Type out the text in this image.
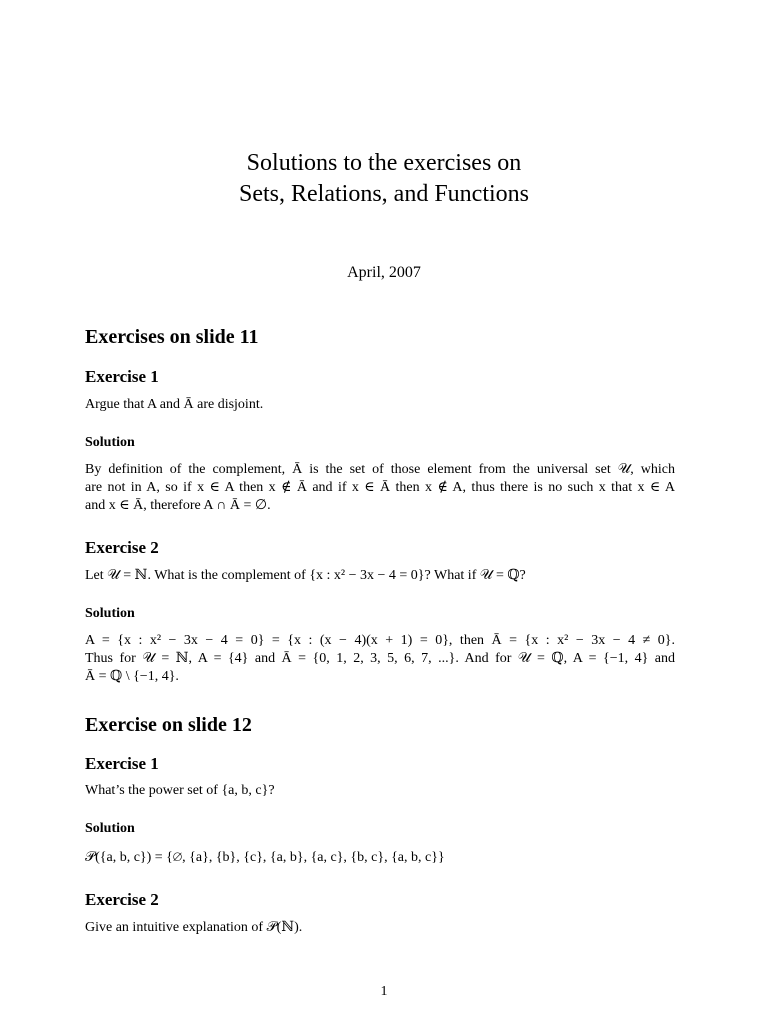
Solutions to the exercises on
Sets, Relations, and Functions
April, 2007
Exercises on slide 11
Exercise 1
Argue that A and Ā are disjoint.
Solution
By definition of the complement, Ā is the set of those element from the universal set 𝒰, which
are not in A, so if x ∈ A then x ∉ Ā and if x ∈ Ā then x ∉ A, thus there is no such x that x ∈ A
and x ∈ Ā, therefore A ∩ Ā = ∅.
Exercise 2
Let 𝒰 = ℕ. What is the complement of {x : x² − 3x − 4 = 0}? What if 𝒰 = ℚ?
Solution
A = {x : x² − 3x − 4 = 0} = {x : (x − 4)(x + 1) = 0}, then Ā = {x : x² − 3x − 4 ≠ 0}.
Thus for 𝒰 = ℕ, A = {4} and Ā = {0, 1, 2, 3, 5, 6, 7, ...}. And for 𝒰 = ℚ, A = {−1, 4} and
Ā = ℚ \ {−1, 4}.
Exercise on slide 12
Exercise 1
What’s the power set of {a, b, c}?
Solution
𝒫({a, b, c}) = {∅, {a}, {b}, {c}, {a, b}, {a, c}, {b, c}, {a, b, c}}
Exercise 2
Give an intuitive explanation of 𝒫(ℕ).
1
